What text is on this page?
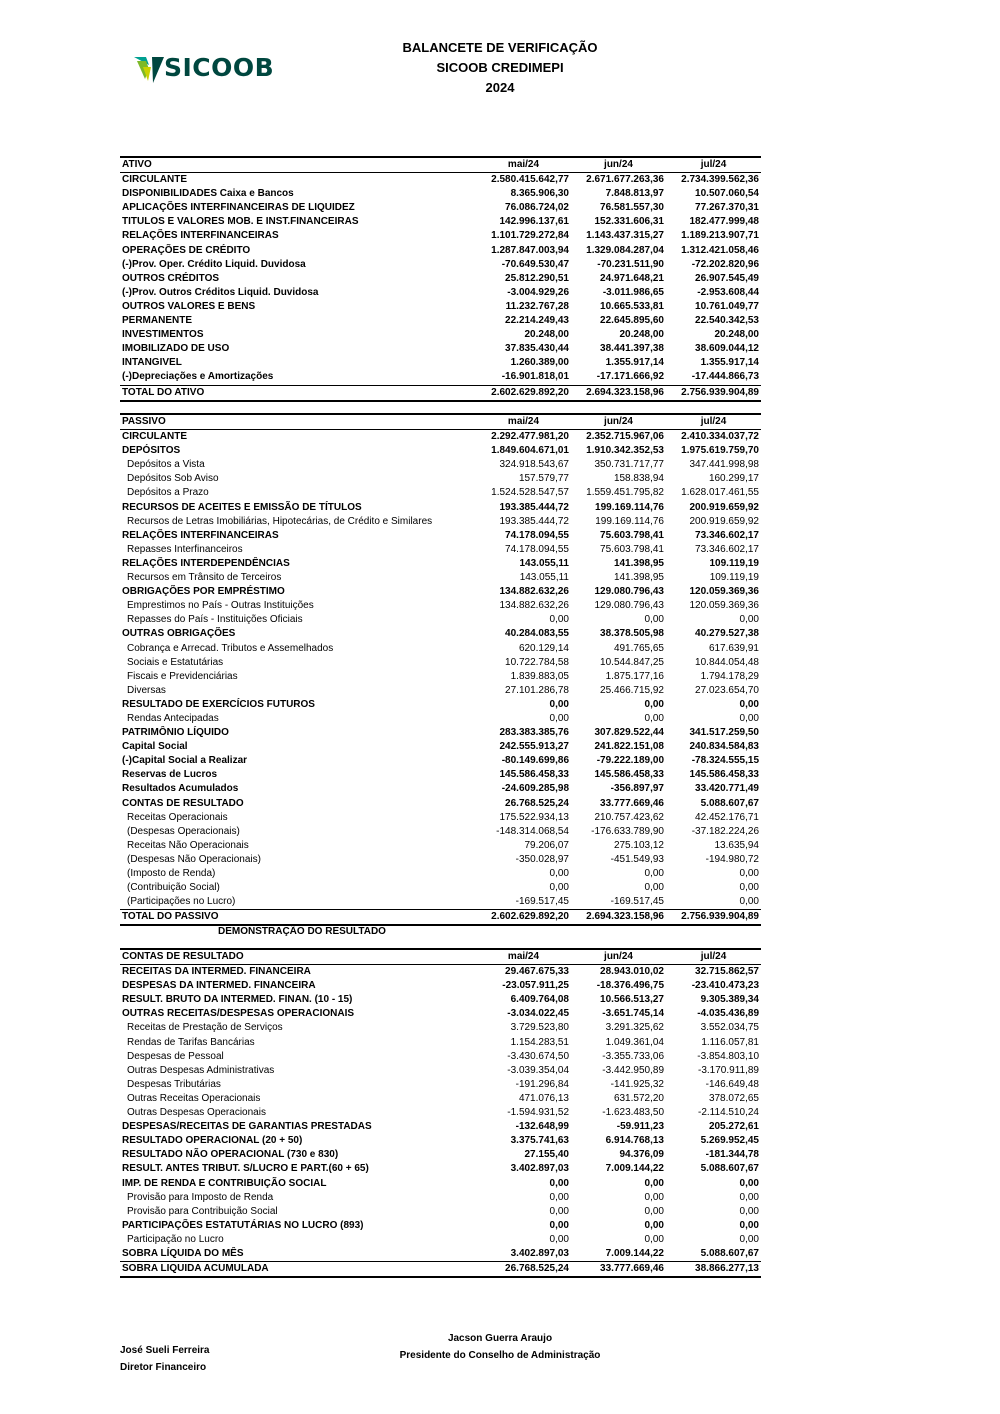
BALANCETE DE VERIFICAÇÃO
SICOOB CREDIMEPI
2024
SICOOB
ATIVO	mai/24	jun/24	jul/24
CIRCULANTE	2.580.415.642,77	2.671.677.263,36	2.734.399.562,36
DISPONIBILIDADES Caixa e Bancos	8.365.906,30	7.848.813,97	10.507.060,54
APLICAÇÕES INTERFINANCEIRAS DE LIQUIDEZ	76.086.724,02	76.581.557,30	77.267.370,31
TITULOS E VALORES MOB. E INST.FINANCEIRAS	142.996.137,61	152.331.606,31	182.477.999,48
RELAÇÕES INTERFINANCEIRAS	1.101.729.272,84	1.143.437.315,27	1.189.213.907,71
OPERAÇÕES DE CRÉDITO	1.287.847.003,94	1.329.084.287,04	1.312.421.058,46
(-)Prov. Oper. Crédito Liquid. Duvidosa	-70.649.530,47	-70.231.511,90	-72.202.820,96
OUTROS CRÉDITOS	25.812.290,51	24.971.648,21	26.907.545,49
(-)Prov. Outros Créditos Liquid. Duvidosa	-3.004.929,26	-3.011.986,65	-2.953.608,44
OUTROS VALORES E BENS	11.232.767,28	10.665.533,81	10.761.049,77
PERMANENTE	22.214.249,43	22.645.895,60	22.540.342,53
INVESTIMENTOS	20.248,00	20.248,00	20.248,00
IMOBILIZADO DE USO	37.835.430,44	38.441.397,38	38.609.044,12
INTANGIVEL	1.260.389,00	1.355.917,14	1.355.917,14
(-)Depreciações e Amortizações	-16.901.818,01	-17.171.666,92	-17.444.866,73
TOTAL DO ATIVO	2.602.629.892,20	2.694.323.158,96	2.756.939.904,89
PASSIVO	mai/24	jun/24	jul/24
CIRCULANTE	2.292.477.981,20	2.352.715.967,06	2.410.334.037,72
DEPÓSITOS	1.849.604.671,01	1.910.342.352,53	1.975.619.759,70
Depósitos a Vista	324.918.543,67	350.731.717,77	347.441.998,98
Depósitos Sob Aviso	157.579,77	158.838,94	160.299,17
Depósitos a Prazo	1.524.528.547,57	1.559.451.795,82	1.628.017.461,55
RECURSOS DE ACEITES E EMISSÃO DE TÍTULOS	193.385.444,72	199.169.114,76	200.919.659,92
Recursos de Letras Imobiliárias, Hipotecárias, de Crédito e Similares	193.385.444,72	199.169.114,76	200.919.659,92
RELAÇÕES INTERFINANCEIRAS	74.178.094,55	75.603.798,41	73.346.602,17
Repasses Interfinanceiros	74.178.094,55	75.603.798,41	73.346.602,17
RELAÇÕES INTERDEPENDÊNCIAS	143.055,11	141.398,95	109.119,19
Recursos em Trânsito de Terceiros	143.055,11	141.398,95	109.119,19
OBRIGAÇÕES POR EMPRÉSTIMO	134.882.632,26	129.080.796,43	120.059.369,36
Emprestimos no País - Outras Instituições	134.882.632,26	129.080.796,43	120.059.369,36
Repasses do País - Instituições Oficiais	0,00	0,00	0,00
OUTRAS OBRIGAÇÕES	40.284.083,55	38.378.505,98	40.279.527,38
Cobrança e Arrecad. Tributos e Assemelhados	620.129,14	491.765,65	617.639,91
Sociais e Estatutárias	10.722.784,58	10.544.847,25	10.844.054,48
Fiscais e Previdenciárias	1.839.883,05	1.875.177,16	1.794.178,29
Diversas	27.101.286,78	25.466.715,92	27.023.654,70
RESULTADO DE EXERCÍCIOS FUTUROS	0,00	0,00	0,00
Rendas Antecipadas	0,00	0,00	0,00
PATRIMÔNIO LÍQUIDO	283.383.385,76	307.829.522,44	341.517.259,50
Capital Social	242.555.913,27	241.822.151,08	240.834.584,83
(-)Capital Social a Realizar	-80.149.699,86	-79.222.189,00	-78.324.555,15
Reservas de Lucros	145.586.458,33	145.586.458,33	145.586.458,33
Resultados Acumulados	-24.609.285,98	-356.897,97	33.420.771,49
CONTAS DE RESULTADO	26.768.525,24	33.777.669,46	5.088.607,67
Receitas Operacionais	175.522.934,13	210.757.423,62	42.452.176,71
(Despesas Operacionais)	-148.314.068,54	-176.633.789,90	-37.182.224,26
Receitas Não Operacionais	79.206,07	275.103,12	13.635,94
(Despesas Não Operacionais)	-350.028,97	-451.549,93	-194.980,72
(Imposto de Renda)	0,00	0,00	0,00
(Contribuição Social)	0,00	0,00	0,00
(Participações no Lucro)	-169.517,45	-169.517,45	0,00
TOTAL DO PASSIVO	2.602.629.892,20	2.694.323.158,96	2.756.939.904,89
DEMONSTRAÇÃO DO RESULTADO
CONTAS DE RESULTADO	mai/24	jun/24	jul/24
RECEITAS DA INTERMED. FINANCEIRA	29.467.675,33	28.943.010,02	32.715.862,57
DESPESAS DA INTERMED. FINANCEIRA	-23.057.911,25	-18.376.496,75	-23.410.473,23
RESULT. BRUTO DA INTERMED. FINAN. (10 - 15)	6.409.764,08	10.566.513,27	9.305.389,34
OUTRAS RECEITAS/DESPESAS OPERACIONAIS	-3.034.022,45	-3.651.745,14	-4.035.436,89
Receitas de Prestação de Serviços	3.729.523,80	3.291.325,62	3.552.034,75
Rendas de Tarifas Bancárias	1.154.283,51	1.049.361,04	1.116.057,81
Despesas de Pessoal	-3.430.674,50	-3.355.733,06	-3.854.803,10
Outras Despesas Administrativas	-3.039.354,04	-3.442.950,89	-3.170.911,89
Despesas Tributárias	-191.296,84	-141.925,32	-146.649,48
Outras Receitas Operacionais	471.076,13	631.572,20	378.072,65
Outras Despesas Operacionais	-1.594.931,52	-1.623.483,50	-2.114.510,24
DESPESAS/RECEITAS DE GARANTIAS PRESTADAS	-132.648,99	-59.911,23	205.272,61
RESULTADO OPERACIONAL (20 + 50)	3.375.741,63	6.914.768,13	5.269.952,45
RESULTADO NÃO OPERACIONAL (730 e 830)	27.155,40	94.376,09	-181.344,78
RESULT. ANTES TRIBUT. S/LUCRO E PART.(60 + 65)	3.402.897,03	7.009.144,22	5.088.607,67
IMP. DE RENDA E CONTRIBUIÇÃO SOCIAL	0,00	0,00	0,00
Provisão para Imposto de Renda	0,00	0,00	0,00
Provisão para Contribuição Social	0,00	0,00	0,00
PARTICIPAÇÕES ESTATUTÁRIAS NO LUCRO (893)	0,00	0,00	0,00
Participação no Lucro	0,00	0,00	0,00
SOBRA LÍQUIDA DO MÊS	3.402.897,03	7.009.144,22	5.088.607,67
SOBRA LIQUIDA ACUMULADA	26.768.525,24	33.777.669,46	38.866.277,13
José Sueli Ferreira
Diretor Financeiro
Jacson Guerra Araujo
Presidente do Conselho de Administração
